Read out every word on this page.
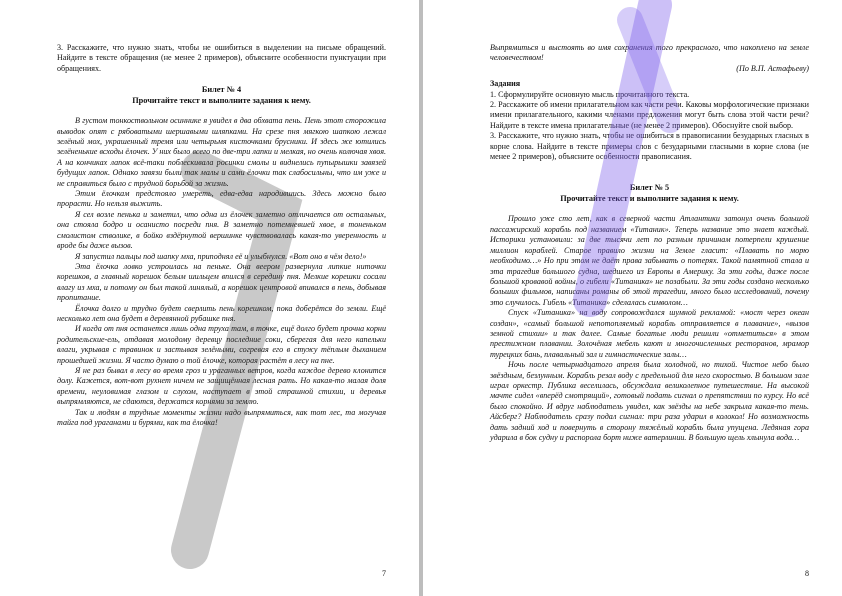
3. Расскажите, что нужно знать, чтобы не ошибиться в выделении на письме обращений. Найдите в тексте обращения (не менее 2 примеров), объясните особенности пунктуации при обращениях.

Билет № 4

Прочитайте текст и выполните задания к нему.

В густом тонкоствольном осиннике я увидел в два обхвата пень. Пень этот сторожила выводок опят с рябоватыми шершавыми шляпками. На срезе пня мягкою шапкою лежал зелёный мох, украшенный тремя или четырьмя кисточками брусники. И здесь же ютились зелёненькие всходы ёлочек. У них было всего по две-три лапки и мелкая, но очень колючая хвоя. А на кончиках лапок всё-таки поблескивала росинки смолы и виднелись пупырышки завязей будущих лапок. Однако завязи были так малы и сами ёлочки так слабосильны, что им уже и не справиться было с трудной борьбой за жизнь.

Этим ёлочкам предстояло умереть, едва-едва народившись. Здесь можно было прорасти. Но нельзя выжить.

Я сел возле пенька и заметил, что одна из ёлочек заметно отличается от остальных, она стояла бодро и осанисто посреди пня. В заметно потемневшей хвое, в тоненьком смолистом стволике, в бойко вздёрнутой вершинке чувствовалась какая-то уверенность и вроде бы даже вызов.

Я запустил пальцы под шапку мха, приподнял её и улыбнулся. «Вот оно в чём дело!»

Эта ёлочка ловко устроилась на пеньке. Она веером развернула липкие ниточки корешков, а главный корешок белым шильцем впился в середину пня. Мелкие корешки сосали влагу из мха, и потому он был такой линялый, а корешок центровой впивался в пень, добывая пропитание.

Ёлочка долго и трудно будет сверлить пень корешком, пока доберётся до земли. Ещё несколько лет она будет в деревянной рубашке пня.

И когда от пня останется лишь одна труха там, в точке, ещё долго будет прочна корни родительские-ель, отдавая молодому деревцу последние соки, сберегая для него капельки влаги, укрывая с травинок и застывая зелёными, согревая его в стужу тёплым дыханием прошедшей жизни. Я часто думаю о той ёлочке, которая растёт в лесу на пне.

Я не раз бывал в лесу во время гроз и ураганных ветров, когда каждое дерево клонится долу. Кажется, вот-вот рухнет ничем не защищённая лесная рать. Но какая-то малая доля времени, неуловимая глазом и слухом, наступает в этой страшной стихии, и деревья выпрямляются, не сдаются, держатся корнями за землю.

Так и людям в трудные моменты жизни надо выпрямиться, как тот лес, та могучая тайга под ураганами и бурями, как та ёлочка!

7

Выпрямиться и выстоять во имя сохранения того прекрасного, что накоплено на земле человечеством!

(По В.П. Астафьеву)

Задания

1. Сформулируйте основную мысль прочитанного текста.

2. Расскажите об имени прилагательном как части речи. Каковы морфологические признаки имени прилагательного, какими членами предложения могут быть слова этой части речи? Найдите в тексте имена прилагательные (не менее 2 примеров). Обоснуйте свой выбор.

3. Расскажите, что нужно знать, чтобы не ошибиться в правописании безударных гласных в корне слова. Найдите в тексте примеры слов с безударными гласными в корне слова (не менее 2 примеров), объясните особенности правописания.

Билет № 5

Прочитайте текст и выполните задания к нему.

Прошло уже сто лет, как в северной части Атлантики затонул очень большой пассажирский корабль под названием «Титаник». Теперь название это знает каждый. Историки установили: за две тысячи лет по разным причинам потерпели крушение миллион кораблей. Старое правило жизни на Земле гласит: «Плавать по морю необходимо…» Но при этом не даёт права забывать о потерях. Такой памятной стала и эта трагедия большого судна, шедшего из Европы в Америку. За эти годы, даже после большой кровавой войны, о гибели «Титаника» не позабыли. За эти годы создано несколько больших фильмов, написаны романы об этой трагедии, много было исследований, почему это случилось. Гибель «Титаника» сделалась символом…

Спуск «Титаника» на воду сопровождался шумной рекламой: «мост через океан создан», «самый большой непотопляемый корабль отправляется в плавание», «вызов земной стихии» и так далее. Самые богатые люди решили «отметиться» в этом престижном плавании. Золочёная мебель кают и многочисленных ресторанов, мрамор турецких бань, плавальный зал и гимнастические залы…

Ночь после четырнадцатого апреля была холодной, но тихой. Чистое небо было звёздным, безлунным. Корабль резал воду с предельной для него скоростью. В большом зале играл оркестр. Публика веселилась, обсуждала великолепное путешествие. На высокой мачте сидел «вперёд смотрящий», готовый подать сигнал о препятствии по курсу. Но всё было спокойно. И вдруг наблюдатель увидел, как звёзды на небе закрыла какая-то тень. Айсберг? Наблюдатель сразу подал сигнал: три раза ударил в колокол! Но возможность дать задний ход и повернуть в сторону тяжёлый корабль была упущена. Ледяная гора ударила в бок судну и распорола борт ниже ватерлинии. В большую щель хлынула вода…

8
